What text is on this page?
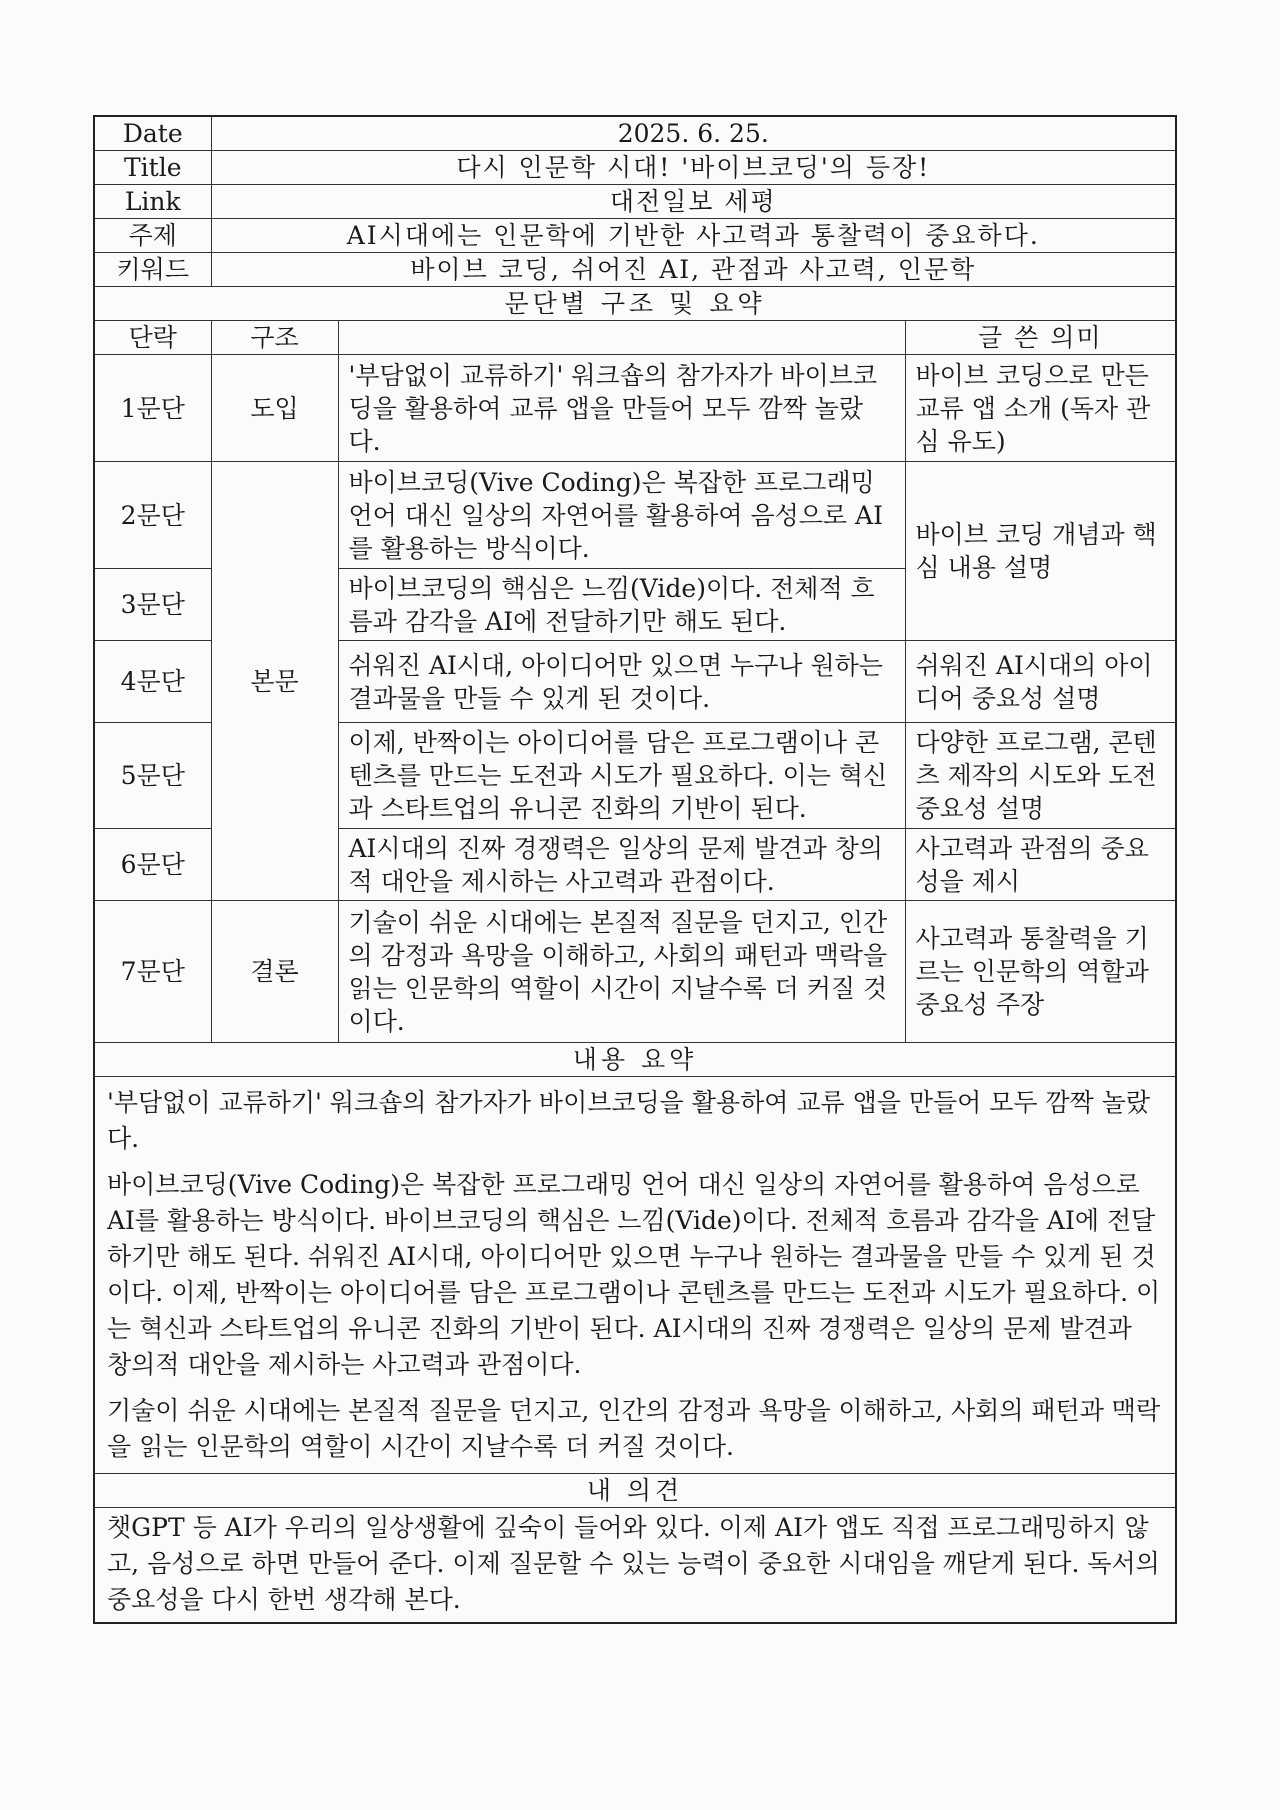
Date	2025. 6. 25.		
Title	다시 인문학 시대! '바이브코딩'의 등장!		
Link	대전일보 세평		
주제	AI시대에는 인문학에 기반한 사고력과 통찰력이 중요하다.		
키워드	바이브 코딩, 쉬어진 AI, 관점과 사고력, 인문학		
문단별 구조 및 요약			
단락	구조		글 쓴 의미
1문단	도입	'부담없이 교류하기' 워크숍의 참가자가 바이브코딩을 활용하여 교류 앱을 만들어 모두 깜짝 놀랐다.	바이브 코딩으로 만든 교류 앱 소개 (독자 관심 유도)
2문단	본문	바이브코딩(Vive Coding)은 복잡한 프로그래밍 언어 대신 일상의 자연어를 활용하여 음성으로 AI를 활용하는 방식이다.	바이브 코딩 개념과 핵심 내용 설명
3문단		바이브코딩의 핵심은 느낌(Vide)이다. 전체적 흐름과 감각을 AI에 전달하기만 해도 된다.	
4문단		쉬워진 AI시대, 아이디어만 있으면 누구나 원하는 결과물을 만들 수 있게 된 것이다.	쉬워진 AI시대의 아이디어 중요성 설명
5문단		이제, 반짝이는 아이디어를 담은 프로그램이나 콘텐츠를 만드는 도전과 시도가 필요하다. 이는 혁신과 스타트업의 유니콘 진화의 기반이 된다.	다양한 프로그램, 콘텐츠 제작의 시도와 도전 중요성 설명
6문단		AI시대의 진짜 경쟁력은 일상의 문제 발견과 창의적 대안을 제시하는 사고력과 관점이다.	사고력과 관점의 중요성을 제시
7문단	결론	기술이 쉬운 시대에는 본질적 질문을 던지고, 인간의 감정과 욕망을 이해하고, 사회의 패턴과 맥락을 읽는 인문학의 역할이 시간이 지날수록 더 커질 것이다.	사고력과 통찰력을 기르는 인문학의 역할과 중요성 주장
내용 요약			

'부담없이 교류하기' 워크숍의 참가자가 바이브코딩을 활용하여 교류 앱을 만들어 모두 깜짝 놀랐다.

바이브코딩(Vive Coding)은 복잡한 프로그래밍 언어 대신 일상의 자연어를 활용하여 음성으로 AI를 활용하는 방식이다. 바이브코딩의 핵심은 느낌(Vide)이다. 전체적 흐름과 감각을 AI에 전달하기만 해도 된다. 쉬워진 AI시대, 아이디어만 있으면 누구나 원하는 결과물을 만들 수 있게 된 것이다. 이제, 반짝이는 아이디어를 담은 프로그램이나 콘텐츠를 만드는 도전과 시도가 필요하다. 이는 혁신과 스타트업의 유니콘 진화의 기반이 된다. AI시대의 진짜 경쟁력은 일상의 문제 발견과 창의적 대안을 제시하는 사고력과 관점이다.

기술이 쉬운 시대에는 본질적 질문을 던지고, 인간의 감정과 욕망을 이해하고, 사회의 패턴과 맥락을 읽는 인문학의 역할이 시간이 지날수록 더 커질 것이다.			

내 의견			
챗GPT 등 AI가 우리의 일상생활에 깊숙이 들어와 있다. 이제 AI가 앱도 직접 프로그래밍하지 않고, 음성으로 하면 만들어 준다. 이제 질문할 수 있는 능력이 중요한 시대임을 깨닫게 된다. 독서의 중요성을 다시 한번 생각해 본다.			
